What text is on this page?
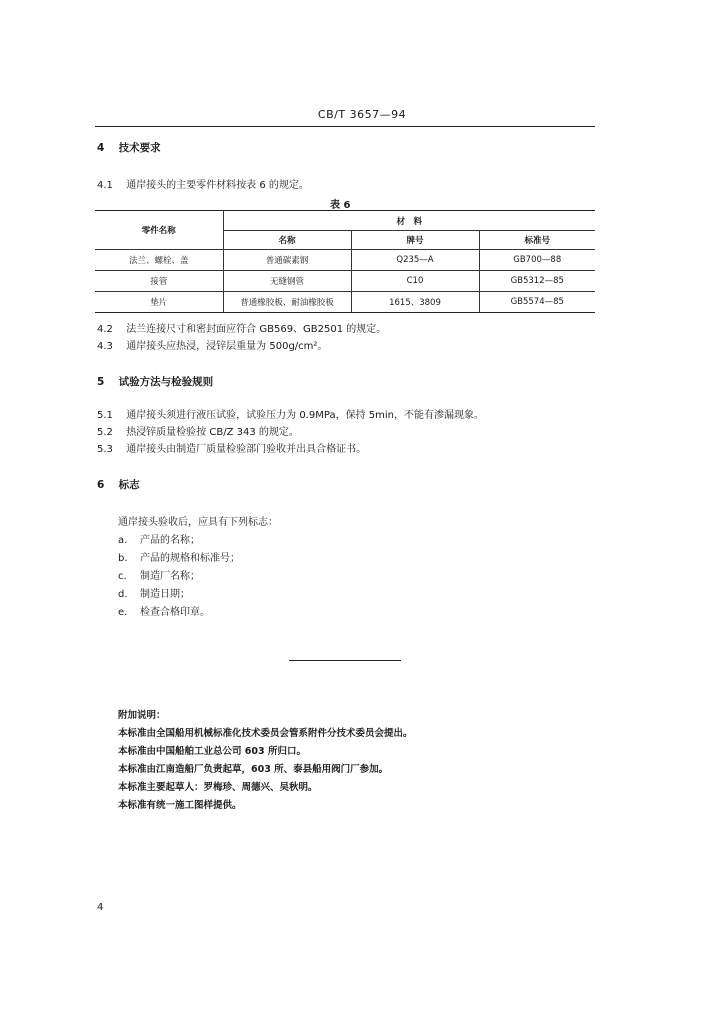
CB/T 3657—94
4 技术要求
4.1 通岸接头的主要零件材料按表 6 的规定。
表 6
零件名称	材　料		
	名称	牌号	标准号
法兰、螺栓、盖	普通碳素钢	Q235—A	GB700—88
接管	无缝钢管	C10	GB5312—85
垫片	普通橡胶板、耐油橡胶板	1615、3809	GB5574—85
4.2 法兰连接尺寸和密封面应符合 GB569、GB2501 的规定。
4.3 通岸接头应热浸，浸锌层重量为 500g/cm²。
5 试验方法与检验规则
5.1 通岸接头须进行液压试验，试验压力为 0.9MPa，保持 5min，不能有渗漏现象。
5.2 热浸锌质量检验按 CB/Z 343 的规定。
5.3 通岸接头由制造厂质量检验部门验收并出具合格证书。
6 标志
通岸接头验收后，应具有下列标志：
a. 产品的名称；
b. 产品的规格和标准号；
c. 制造厂名称；
d. 制造日期；
e. 检查合格印章。
附加说明：
本标准由全国船用机械标准化技术委员会管系附件分技术委员会提出。
本标准由中国船舶工业总公司 603 所归口。
本标准由江南造船厂负责起草，603 所、泰县船用阀门厂参加。
本标准主要起草人：罗梅珍、周德兴、吴秋明。
本标准有统一施工图样提供。
4
